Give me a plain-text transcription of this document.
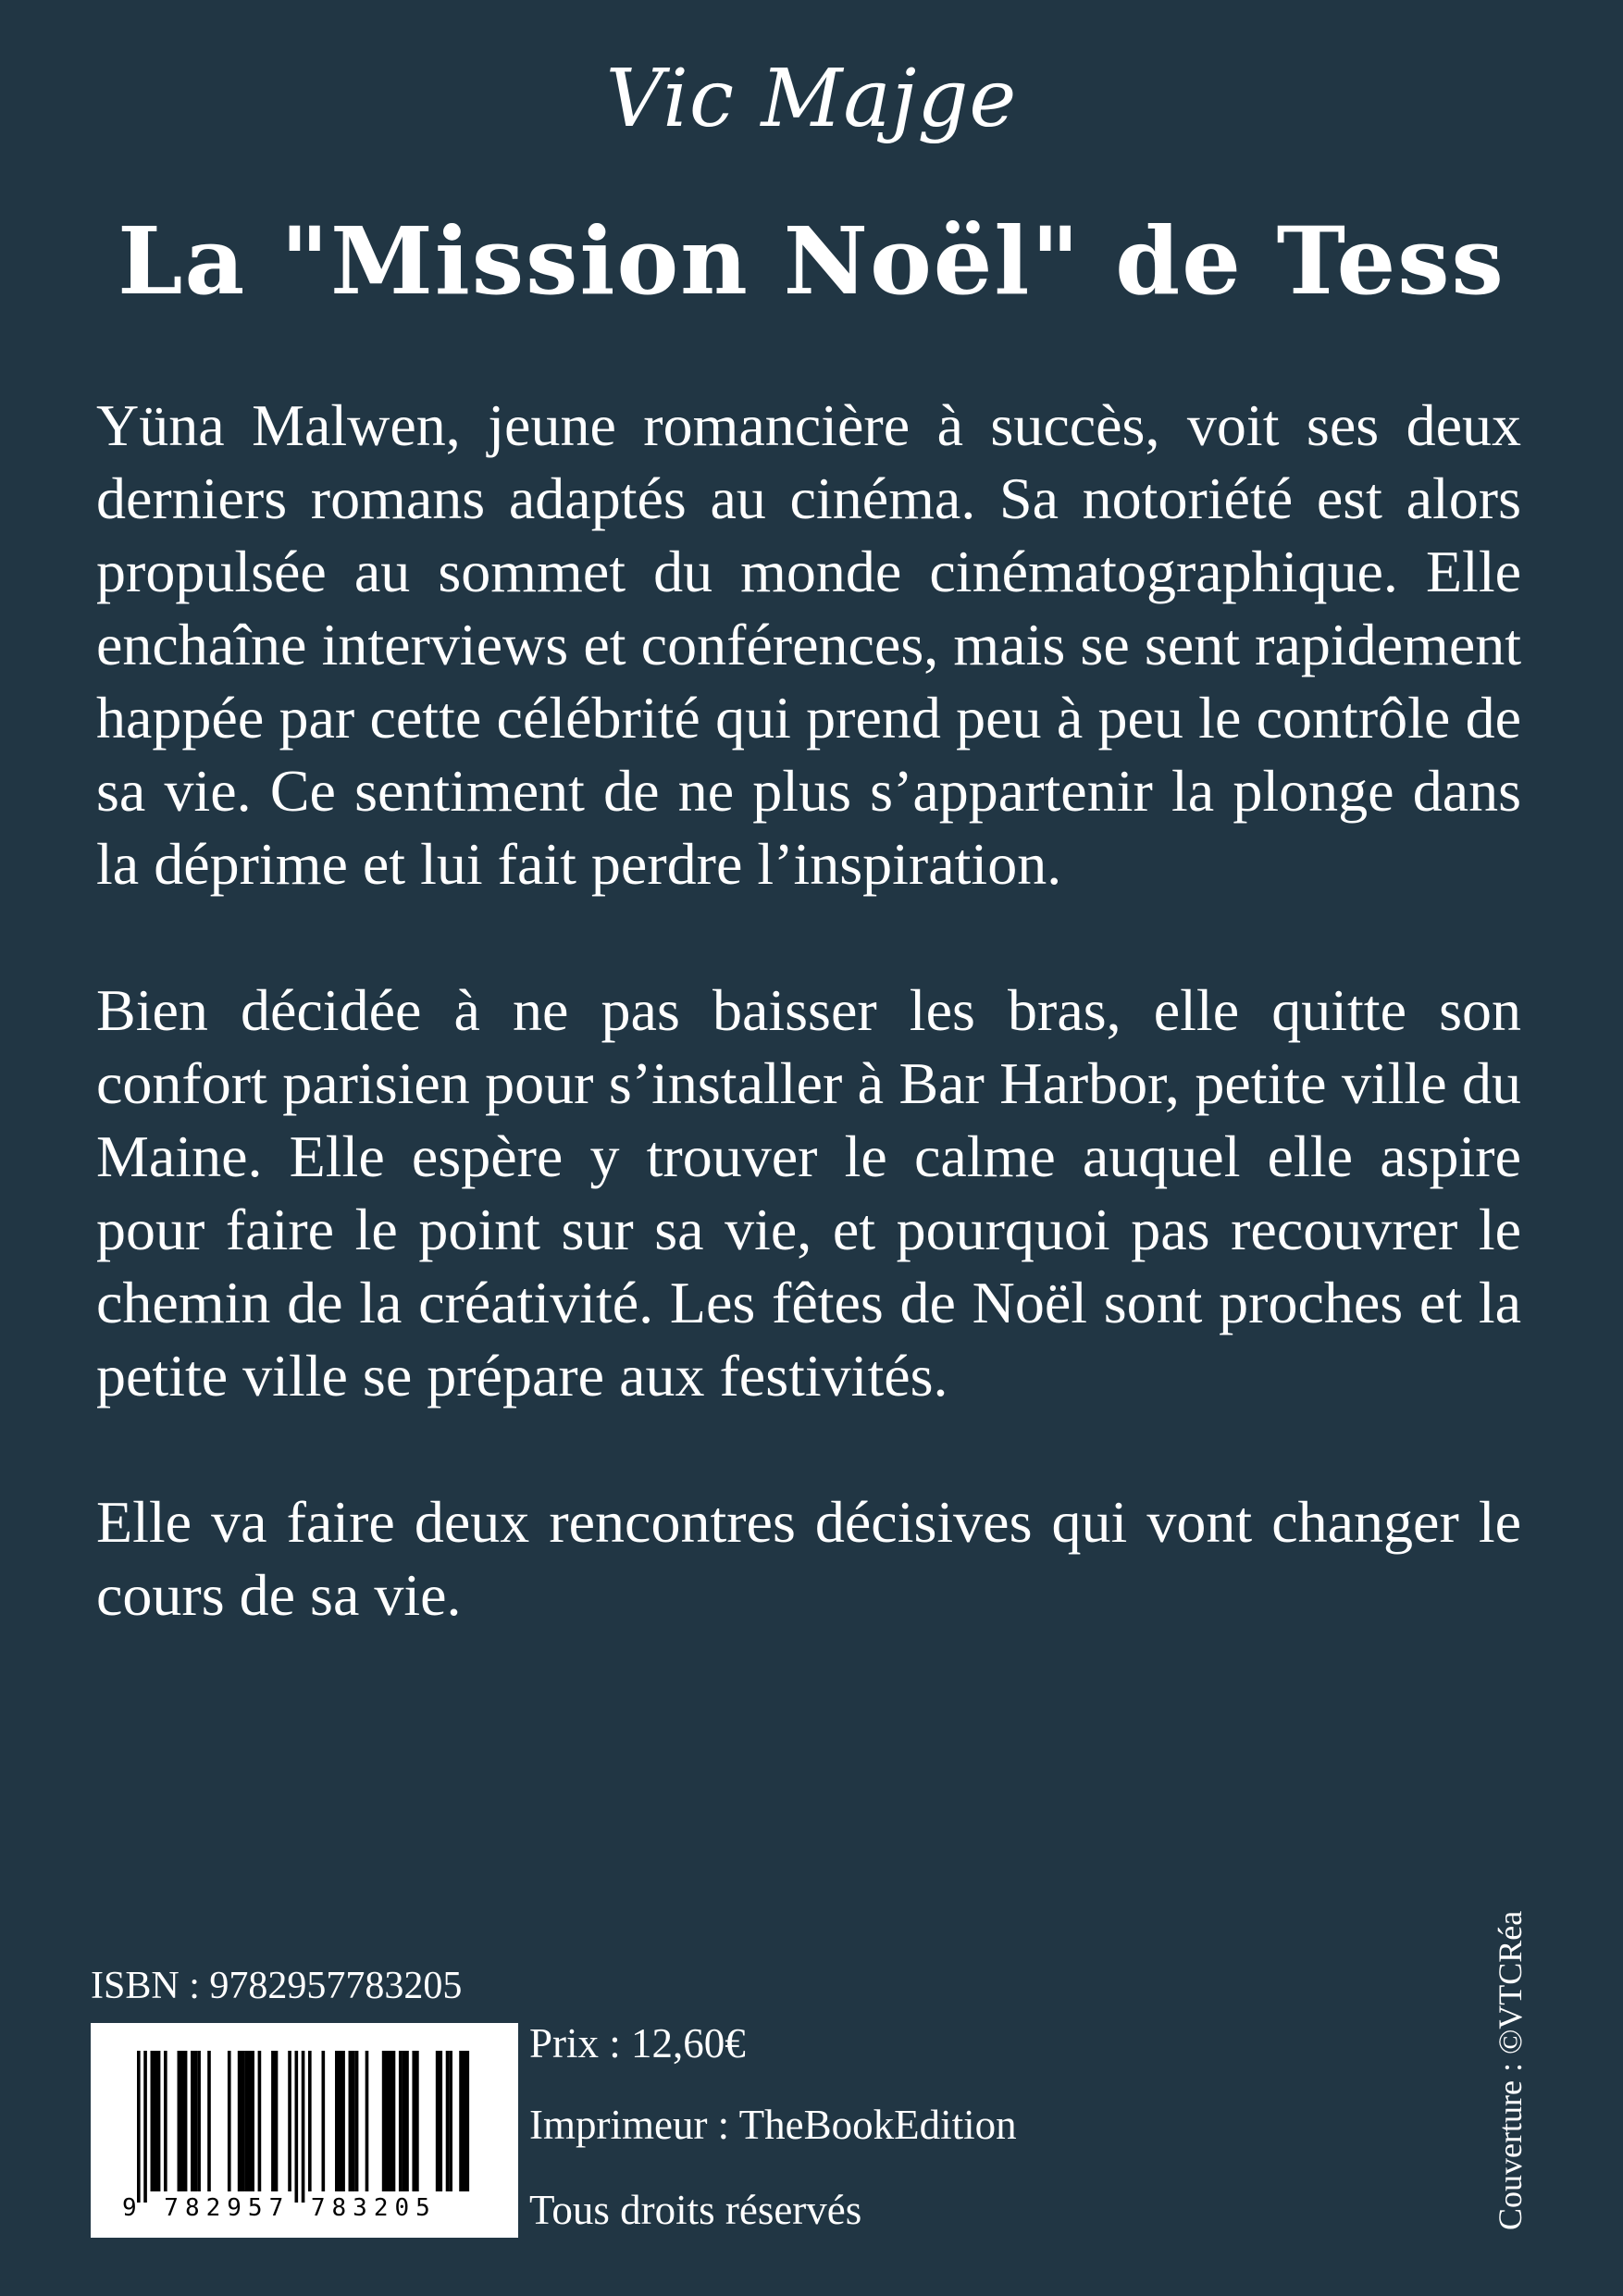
Vic Majge
La "Mission Noël" de Tess

Yüna Malwen, jeune romancière à succès, voit ses deux derniers romans adaptés au cinéma. Sa notoriété est alors propulsée au sommet du monde cinématographique. Elle enchaîne interviews et conférences, mais se sent rapidement happée par cette célébrité qui prend peu à peu le contrôle de sa vie. Ce sentiment de ne plus s’appartenir la plonge dans la déprime et lui fait perdre l’inspiration.

Bien décidée à ne pas baisser les bras, elle quitte son confort parisien pour s’installer à Bar Harbor, petite ville du Maine. Elle espère y trouver le calme auquel elle aspire pour faire le point sur sa vie, et pourquoi pas recouvrer le chemin de la créativité. Les fêtes de Noël sont proches et la petite ville se prépare aux festivités.

Elle va faire deux rencontres décisives qui vont changer le cours de sa vie.

ISBN : 9782957783205
9 782957 783205
Prix : 12,60€
Imprimeur : TheBookEdition
Tous droits réservés	Couverture : ©VTCRéa
